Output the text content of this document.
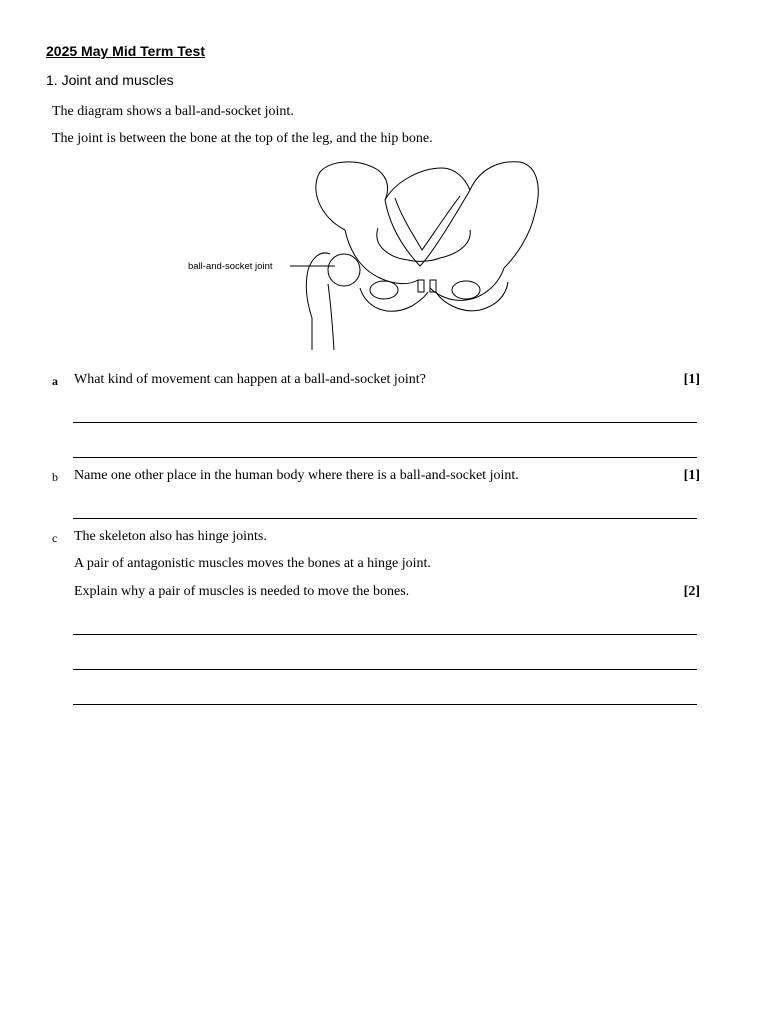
2025 May Mid Term Test
1. Joint and muscles
The diagram shows a ball-and-socket joint.
The joint is between the bone at the top of the leg, and the hip bone.
ball-and-socket joint
a What kind of movement can happen at a ball-and-socket joint?	[1]
b Name one other place in the human body where there is a ball-and-socket joint.	[1]
c The skeleton also has hinge joints.
A pair of antagonistic muscles moves the bones at a hinge joint.
Explain why a pair of muscles is needed to move the bones.	[2]
